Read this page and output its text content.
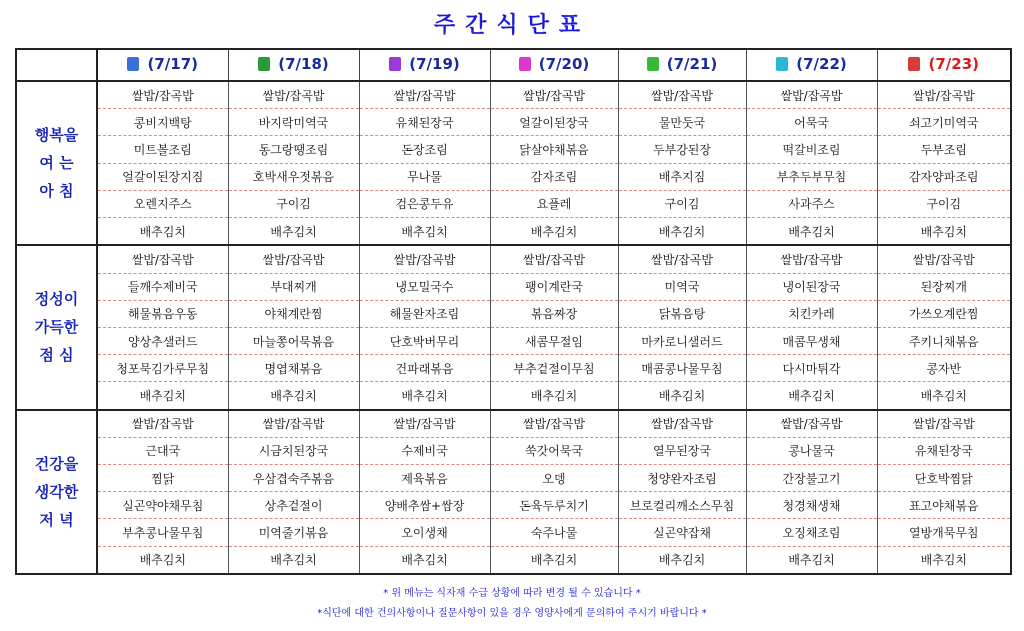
주간식단표

	(7/17)	(7/18)	(7/19)	(7/20)	(7/21)	(7/22)	(7/23)

행복을
여 는
아 침	쌀밥/잡곡밥	쌀밥/잡곡밥	쌀밥/잡곡밥	쌀밥/잡곡밥	쌀밥/잡곡밥	쌀밥/잡곡밥	쌀밥/잡곡밥
	콩비지백탕	바지락미역국	유채된장국	얼갈이된장국	물만둣국	어묵국	쇠고기미역국
	미트볼조림	동그랑땡조림	돈장조림	닭살야채볶음	두부강된장	떡갈비조림	두부조림
	얼갈이된장지짐	호박새우젓볶음	무나물	감자조림	배추지짐	부추두부무침	감자양파조림
	오렌지주스	구이김	검은콩두유	요플레	구이김	사과주스	구이김
	배추김치	배추김치	배추김치	배추김치	배추김치	배추김치	배추김치

정성이
가득한
점 심	쌀밥/잡곡밥	쌀밥/잡곡밥	쌀밥/잡곡밥	쌀밥/잡곡밥	쌀밥/잡곡밥	쌀밥/잡곡밥	쌀밥/잡곡밥
	들깨수제비국	부대찌개	냉모밀국수	팽이계란국	미역국	냉이된장국	된장찌개
	해물볶음우동	야채계란찜	해물완자조림	볶음짜장	닭볶음탕	치킨카레	가쓰오계란찜
	양상추샐러드	마늘쫑어묵볶음	단호박버무리	새콤무절임	마카로니샐러드	매콤무생채	주키니채볶음
	청포묵김가루무침	명엽채볶음	건파래볶음	부추겉절이무침	매콤콩나물무침	다시마튀각	콩자반
	배추김치	배추김치	배추김치	배추김치	배추김치	배추김치	배추김치

건강을
생각한
저 녁	쌀밥/잡곡밥	쌀밥/잡곡밥	쌀밥/잡곡밥	쌀밥/잡곡밥	쌀밥/잡곡밥	쌀밥/잡곡밥	쌀밥/잡곡밥
	근대국	시금치된장국	수제비국	쑥갓어묵국	열무된장국	콩나물국	유채된장국
	찜닭	우삼겹숙주볶음	제육볶음	오뎅	청양완자조림	간장불고기	단호박찜닭
	실곤약야채무침	상추겉절이	양배추쌈+쌈장	돈육두루치기	브로컬리깨소스무침	청경채생채	표고야채볶음
	부추콩나물무침	미역줄기볶음	오이생채	숙주나물	실곤약잡채	오징채조림	열방개묵무침
	배추김치	배추김치	배추김치	배추김치	배추김치	배추김치	배추김치
* 위 메뉴는 식자재 수급 상황에 따라 변경 될 수 있습니다 *
*식단에 대한 건의사항이나 질문사항이 있을 경우 영양사에게 문의하여 주시기 바랍니다 *
